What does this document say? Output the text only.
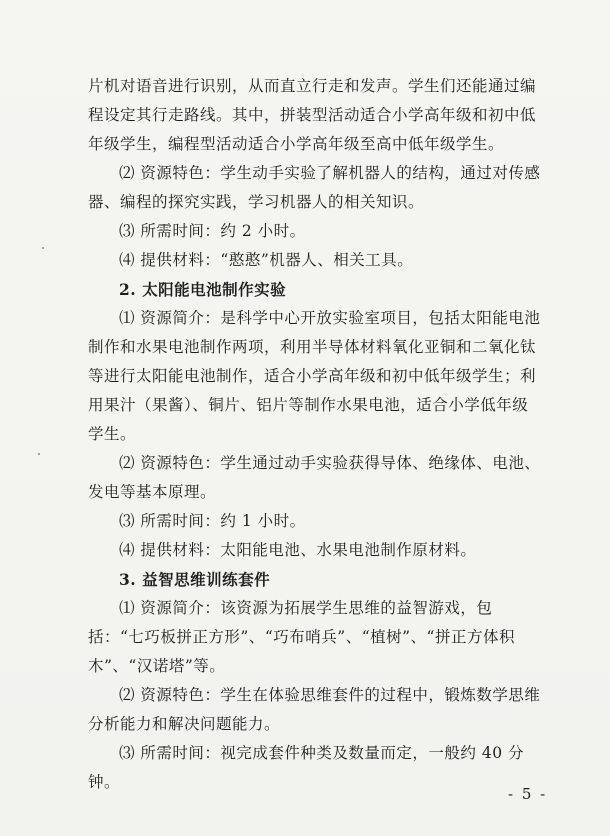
片机对语音进行识别，从而直立行走和发声。学生们还能通过编程设定其行走路线。其中，拼装型活动适合小学高年级和初中低年级学生，编程型活动适合小学高年级至高中低年级学生。

⑵ 资源特色：学生动手实验了解机器人的结构，通过对传感器、编程的探究实践，学习机器人的相关知识。

⑶ 所需时间：约 2 小时。

⑷ 提供材料：“憨憨”机器人、相关工具。

2. 太阳能电池制作实验

⑴ 资源简介：是科学中心开放实验室项目，包括太阳能电池制作和水果电池制作两项，利用半导体材料氧化亚铜和二氧化钛等进行太阳能电池制作，适合小学高年级和初中低年级学生；利用果汁（果酱）、铜片、铝片等制作水果电池，适合小学低年级学生。

⑵ 资源特色：学生通过动手实验获得导体、绝缘体、电池、发电等基本原理。

⑶ 所需时间：约 1 小时。

⑷ 提供材料：太阳能电池、水果电池制作原材料。

3. 益智思维训练套件

⑴ 资源简介：该资源为拓展学生思维的益智游戏，包括：“七巧板拼正方形”、“巧布哨兵”、“植树”、“拼正方体积木”、“汉诺塔”等。

⑵ 资源特色：学生在体验思维套件的过程中，锻炼数学思维分析能力和解决问题能力。

⑶ 所需时间：视完成套件种类及数量而定，一般约 40 分钟。

- 5 -
